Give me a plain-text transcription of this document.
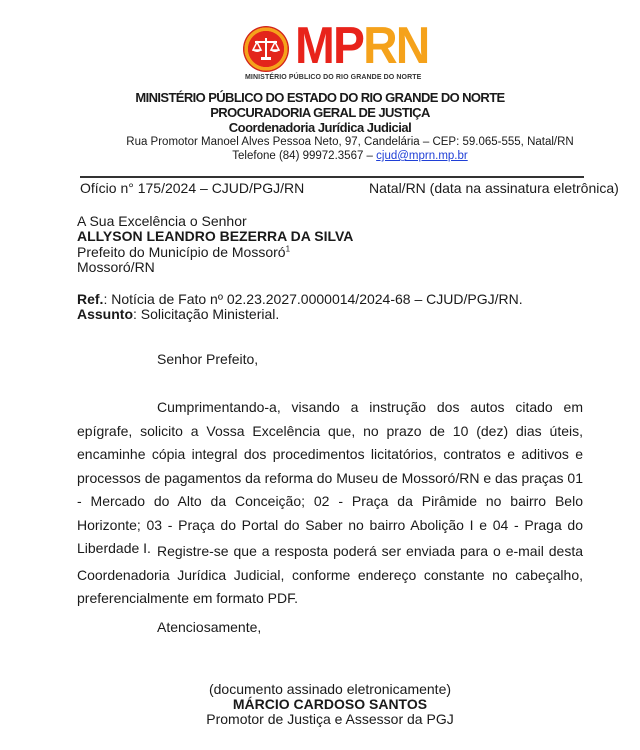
MPRN
MINISTÉRIO PÚBLICO DO RIO GRANDE DO NORTE
MINISTÉRIO PÚBLICO DO ESTADO DO RIO GRANDE DO NORTE
PROCURADORIA GERAL DE JUSTIÇA
Coordenadoria Jurídica Judicial
Rua Promotor Manoel Alves Pessoa Neto, 97, Candelária – CEP: 59.065-555, Natal/RN
Telefone (84) 99972.3567 – cjud@mprn.mp.br
Ofício n° 175/2024 – CJUD/PGJ/RN	Natal/RN (data na assinatura eletrônica)
A Sua Excelência o Senhor
ALLYSON LEANDRO BEZERRA DA SILVA
Prefeito do Município de Mossoró$^1$
Mossoró/RN
Ref.: Notícia de Fato nº 02.23.2027.0000014/2024-68 – CJUD/PGJ/RN.
Assunto: Solicitação Ministerial.
Senhor Prefeito,
Cumprimentando-a, visando a instrução dos autos citado em epígrafe, solicito a Vossa Excelência que, no prazo de 10 (dez) dias úteis, encaminhe cópia integral dos procedimentos licitatórios, contratos e aditivos e processos de pagamentos da reforma do Museu de Mossoró/RN e das praças 01 - Mercado do Alto da Conceição; 02 - Praça da Pirâmide no bairro Belo Horizonte; 03 - Praça do Portal do Saber no bairro Abolição I e 04 - Praga do Liberdade I. Registre-se que a resposta poderá ser enviada para o e-mail desta Coordenadoria Jurídica Judicial, conforme endereço constante no cabeçalho, preferencialmente em formato PDF.
Atenciosamente,
(documento assinado eletronicamente)
MÁRCIO CARDOSO SANTOS
Promotor de Justiça e Assessor da PGJ
